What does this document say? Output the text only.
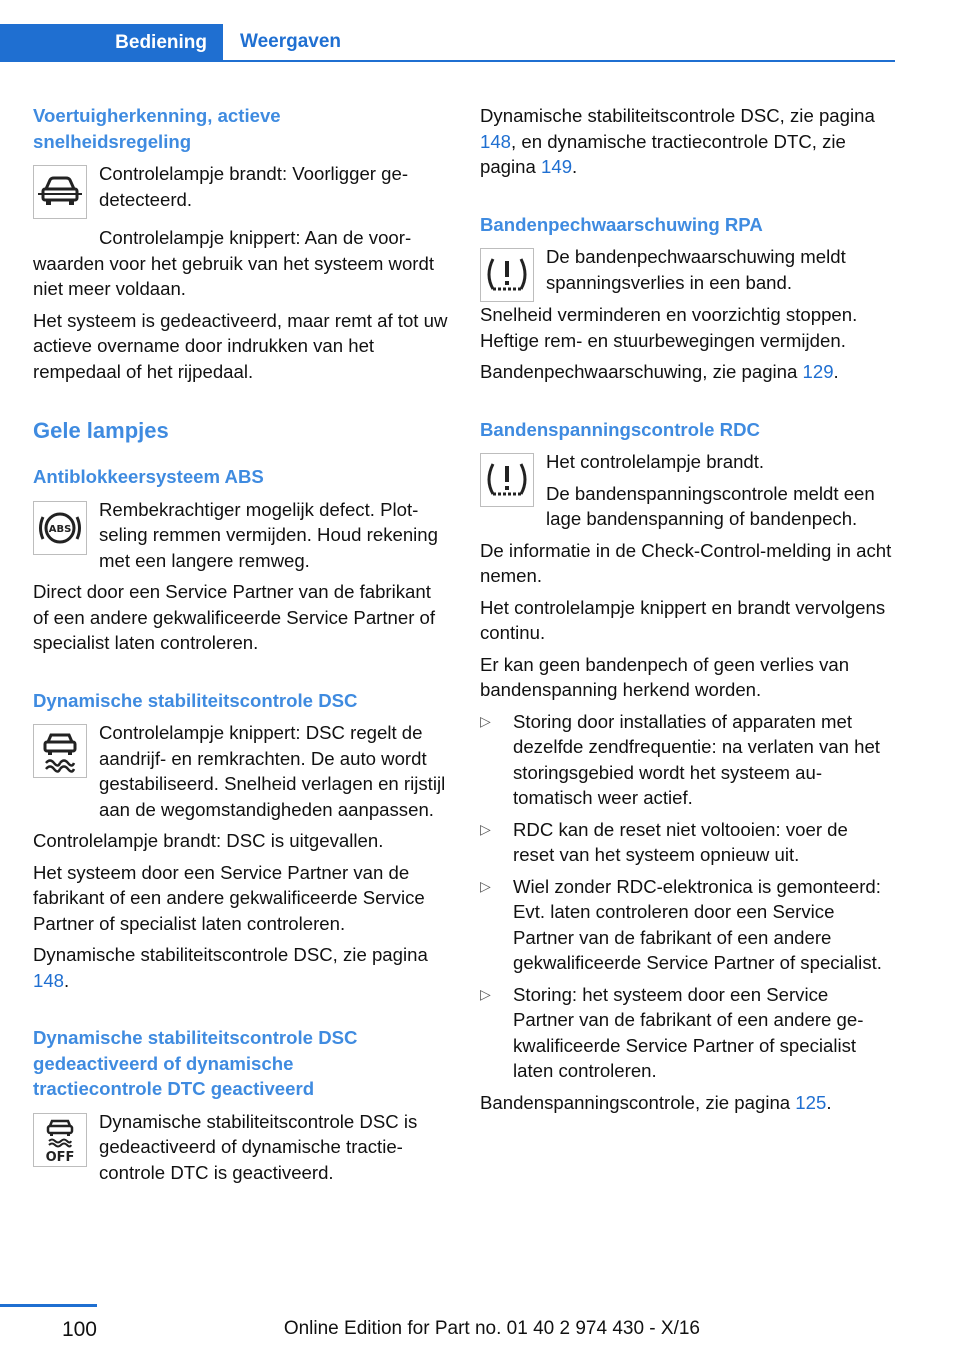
Bediening	Weergaven
Voertuigherkenning, actieve
snelheidsregeling

Controlelampje brandt: Voorligger gedetecteerd.

Controlelampje knippert: Aan de voorwaarden voor het gebruik van het systeem wordt niet meer voldaan.

Het systeem is gedeactiveerd, maar remt af tot uw actieve overname door indrukken van het rempedaal of het rijpedaal.

Gele lampjes
Antiblokkeersysteem ABS
ABS

Rembekrachtiger mogelijk defect. Plotseling remmen vermijden. Houd rekening met een langere remweg.

Direct door een Service Partner van de fabrikant of een andere gekwalificeerde Service Partner of specialist laten controleren.

Dynamische stabiliteitscontrole DSC

Controlelampje knippert: DSC regelt de aandrijf- en remkrachten. De auto wordt gestabiliseerd. Snelheid verlagen en rijstijl aan de wegomstandigheden aanpassen.

Controlelampje brandt: DSC is uitgevallen.

Het systeem door een Service Partner van de fabrikant of een andere gekwalificeerde Service Partner of specialist laten controleren.

Dynamische stabiliteitscontrole DSC, zie pagina 148.

Dynamische stabiliteitscontrole DSC
gedeactiveerd of dynamische
tractiecontrole DTC geactiveerd
OFF

Dynamische stabiliteitscontrole DSC is gedeactiveerd of dynamische tractiecontrole DTC is geactiveerd.

Dynamische stabiliteitscontrole DSC, zie pagina 148, en dynamische tractiecontrole DTC, zie pagina 149.

Bandenpechwaarschuwing RPA

De bandenpechwaarschuwing meldt spanningsverlies in een band.

Snelheid verminderen en voorzichtig stoppen. Heftige rem- en stuurbewegingen vermijden.

Bandenpechwaarschuwing, zie pagina 129.

Bandenspanningscontrole RDC

Het controlelampje brandt.

De bandenspanningscontrole meldt een lage bandenspanning of bandenpech.

De informatie in de Check-Control-melding in acht nemen.

Het controlelampje knippert en brandt vervolgens continu.

Er kan geen bandenpech of geen verlies van bandenspanning herkend worden.

▷ Storing door installaties of apparaten met dezelfde zendfrequentie: na verlaten van het storingsgebied wordt het systeem automatisch weer actief.
▷ RDC kan de reset niet voltooien: voer de reset van het systeem opnieuw uit.
▷ Wiel zonder RDC-elektronica is gemonteerd: Evt. laten controleren door een Service Partner van de fabrikant of een andere gekwalificeerde Service Partner of specialist.
▷ Storing: het systeem door een Service Partner van de fabrikant of een andere gekwalificeerde Service Partner of specialist laten controleren.

Bandenspanningscontrole, zie pagina 125.

100	Online Edition for Part no. 01 40 2 974 430 - X/16
